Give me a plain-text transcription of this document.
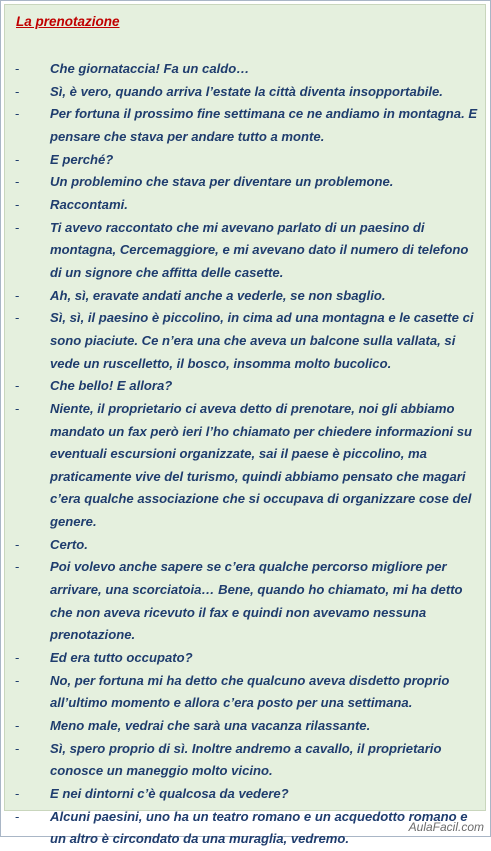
La prenotazione
- Che giornataccia! Fa un caldo…
- Sì, è vero, quando arriva l’estate la città diventa insopportabile.
- Per fortuna il prossimo fine settimana ce ne andiamo in montagna. E pensare che stava per andare tutto a monte.
- E perché?
- Un problemino che stava per diventare un problemone.
- Raccontami.
- Ti avevo raccontato che mi avevano parlato di un paesino di montagna, Cercemaggiore, e mi avevano dato il numero di telefono di un signore che affitta delle casette.
- Ah, sì, eravate andati anche a vederle, se non sbaglio.
- Sì, sì, il paesino è piccolino, in cima ad una montagna e le casette ci sono piaciute. Ce n’era una che aveva un balcone sulla vallata, si vede un ruscelletto, il bosco, insomma molto bucolico.
- Che bello! E allora?
- Niente, il proprietario ci aveva detto di prenotare, noi gli abbiamo mandato un fax però ieri l’ho chiamato per chiedere informazioni su eventuali escursioni organizzate, sai il paese è piccolino, ma praticamente vive del turismo, quindi abbiamo pensato che magari c’era qualche associazione che si occupava di organizzare cose del genere.
- Certo.
- Poi volevo anche sapere se c’era qualche percorso migliore per arrivare, una scorciatoia… Bene, quando ho chiamato, mi ha detto che non aveva ricevuto il fax e quindi non avevamo nessuna prenotazione.
- Ed era tutto occupato?
- No, per fortuna mi ha detto che qualcuno aveva disdetto proprio all’ultimo momento e allora c’era posto per una settimana.
- Meno male, vedrai che sarà una vacanza rilassante.
- Sì, spero proprio di sì. Inoltre andremo a cavallo, il proprietario conosce un maneggio molto vicino.
- E nei dintorni c’è qualcosa da vedere?
- Alcuni paesini, uno ha un teatro romano e un acquedotto romano e un altro è circondato da una muraglia, vedremo.
AulaFacil.com
